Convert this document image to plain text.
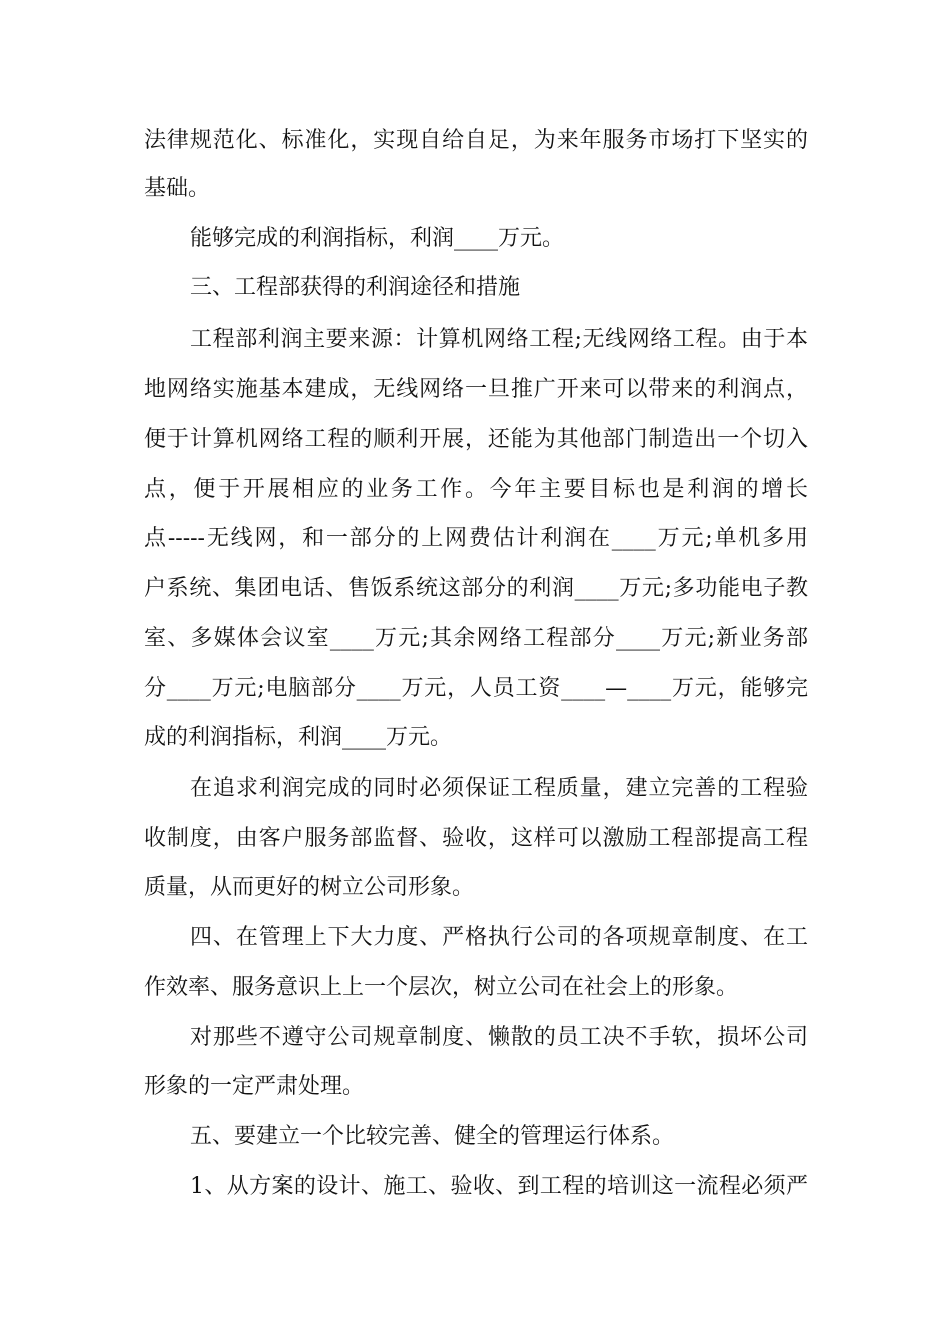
法律规范化、标准化，实现自给自足，为来年服务市场打下坚实的
基础。
能够完成的利润指标，利润____万元。
三、工程部获得的利润途径和措施
工程部利润主要来源：计算机网络工程;无线网络工程。由于本
地网络实施基本建成，无线网络一旦推广开来可以带来的利润点，
便于计算机网络工程的顺利开展，还能为其他部门制造出一个切入
点，便于开展相应的业务工作。今年主要目标也是利润的增长
点-----无线网，和一部分的上网费估计利润在____万元;单机多用
户系统、集团电话、售饭系统这部分的利润____万元;多功能电子教
室、多媒体会议室____万元;其余网络工程部分____万元;新业务部
分____万元;电脑部分____万元，人员工资____—____万元，能够完
成的利润指标，利润____万元。
在追求利润完成的同时必须保证工程质量，建立完善的工程验
收制度，由客户服务部监督、验收，这样可以激励工程部提高工程
质量，从而更好的树立公司形象。
四、在管理上下大力度、严格执行公司的各项规章制度、在工
作效率、服务意识上上一个层次，树立公司在社会上的形象。
对那些不遵守公司规章制度、懒散的员工决不手软，损坏公司
形象的一定严肃处理。
五、要建立一个比较完善、健全的管理运行体系。
1、从方案的设计、施工、验收、到工程的培训这一流程必须严
